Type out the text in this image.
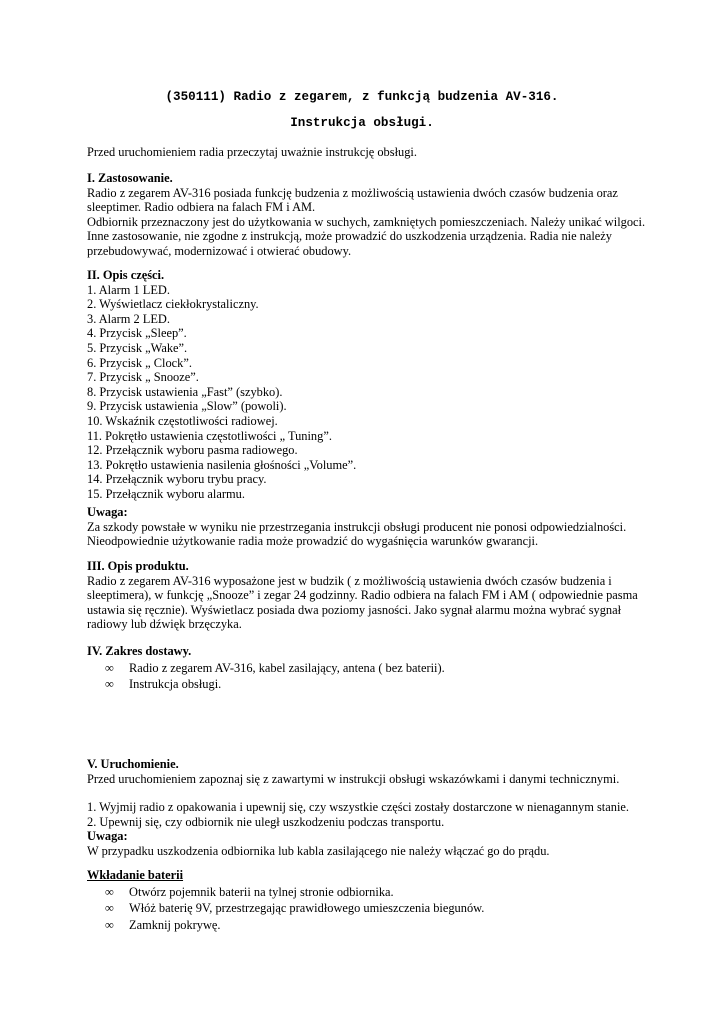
(350111) Radio z zegarem, z funkcją budzenia AV-316.
Instrukcja obsługi.
Przed uruchomieniem radia przeczytaj uważnie instrukcję obsługi.
I. Zastosowanie.
Radio z zegarem AV-316 posiada funkcję budzenia z możliwością ustawienia dwóch czasów budzenia oraz
sleeptimer. Radio odbiera na falach FM i AM.
Odbiornik przeznaczony jest do użytkowania w suchych, zamkniętych pomieszczeniach. Należy unikać wilgoci.
Inne zastosowanie, nie zgodne z instrukcją, może prowadzić do uszkodzenia urządzenia. Radia nie należy
przebudowywać, modernizować i otwierać obudowy.
II. Opis części.
1. Alarm 1 LED.
2. Wyświetlacz ciekłokrystaliczny.
3. Alarm 2 LED.
4. Przycisk „Sleep”.
5. Przycisk „Wake”.
6. Przycisk „ Clock”.
7. Przycisk „ Snooze”.
8. Przycisk ustawienia „Fast” (szybko).
9. Przycisk ustawienia „Slow” (powoli).
10. Wskaźnik częstotliwości radiowej.
11. Pokrętło ustawienia częstotliwości „ Tuning”.
12. Przełącznik wyboru pasma radiowego.
13. Pokrętło ustawienia nasilenia głośności „Volume”.
14. Przełącznik wyboru trybu pracy.
15. Przełącznik wyboru alarmu.
Uwaga:
Za szkody powstałe w wyniku nie przestrzegania instrukcji obsługi producent nie ponosi odpowiedzialności.
Nieodpowiednie użytkowanie radia może prowadzić do wygaśnięcia warunków gwarancji.
III. Opis produktu.
Radio z zegarem AV-316 wyposażone jest w budzik ( z możliwością ustawienia dwóch czasów budzenia i
sleeptimera), w funkcję „Snooze” i zegar 24 godzinny. Radio odbiera na falach FM i AM ( odpowiednie pasma
ustawia się ręcznie). Wyświetlacz posiada dwa poziomy jasności. Jako sygnał alarmu można wybrać sygnał
radiowy lub dźwięk brzęczyka.
IV. Zakres dostawy.
∞ Radio z zegarem AV-316, kabel zasilający, antena ( bez baterii).
∞ Instrukcja obsługi.
V. Uruchomienie.
Przed uruchomieniem zapoznaj się z zawartymi w instrukcji obsługi wskazówkami i danymi technicznymi.
1. Wyjmij radio z opakowania i upewnij się, czy wszystkie części zostały dostarczone w nienagannym stanie.
2. Upewnij się, czy odbiornik nie uległ uszkodzeniu podczas transportu.
Uwaga:
W przypadku uszkodzenia odbiornika lub kabla zasilającego nie należy włączać go do prądu.
Wkładanie baterii
∞ Otwórz pojemnik baterii na tylnej stronie odbiornika.
∞ Włóż baterię 9V, przestrzegając prawidłowego umieszczenia biegunów.
∞ Zamknij pokrywę.
